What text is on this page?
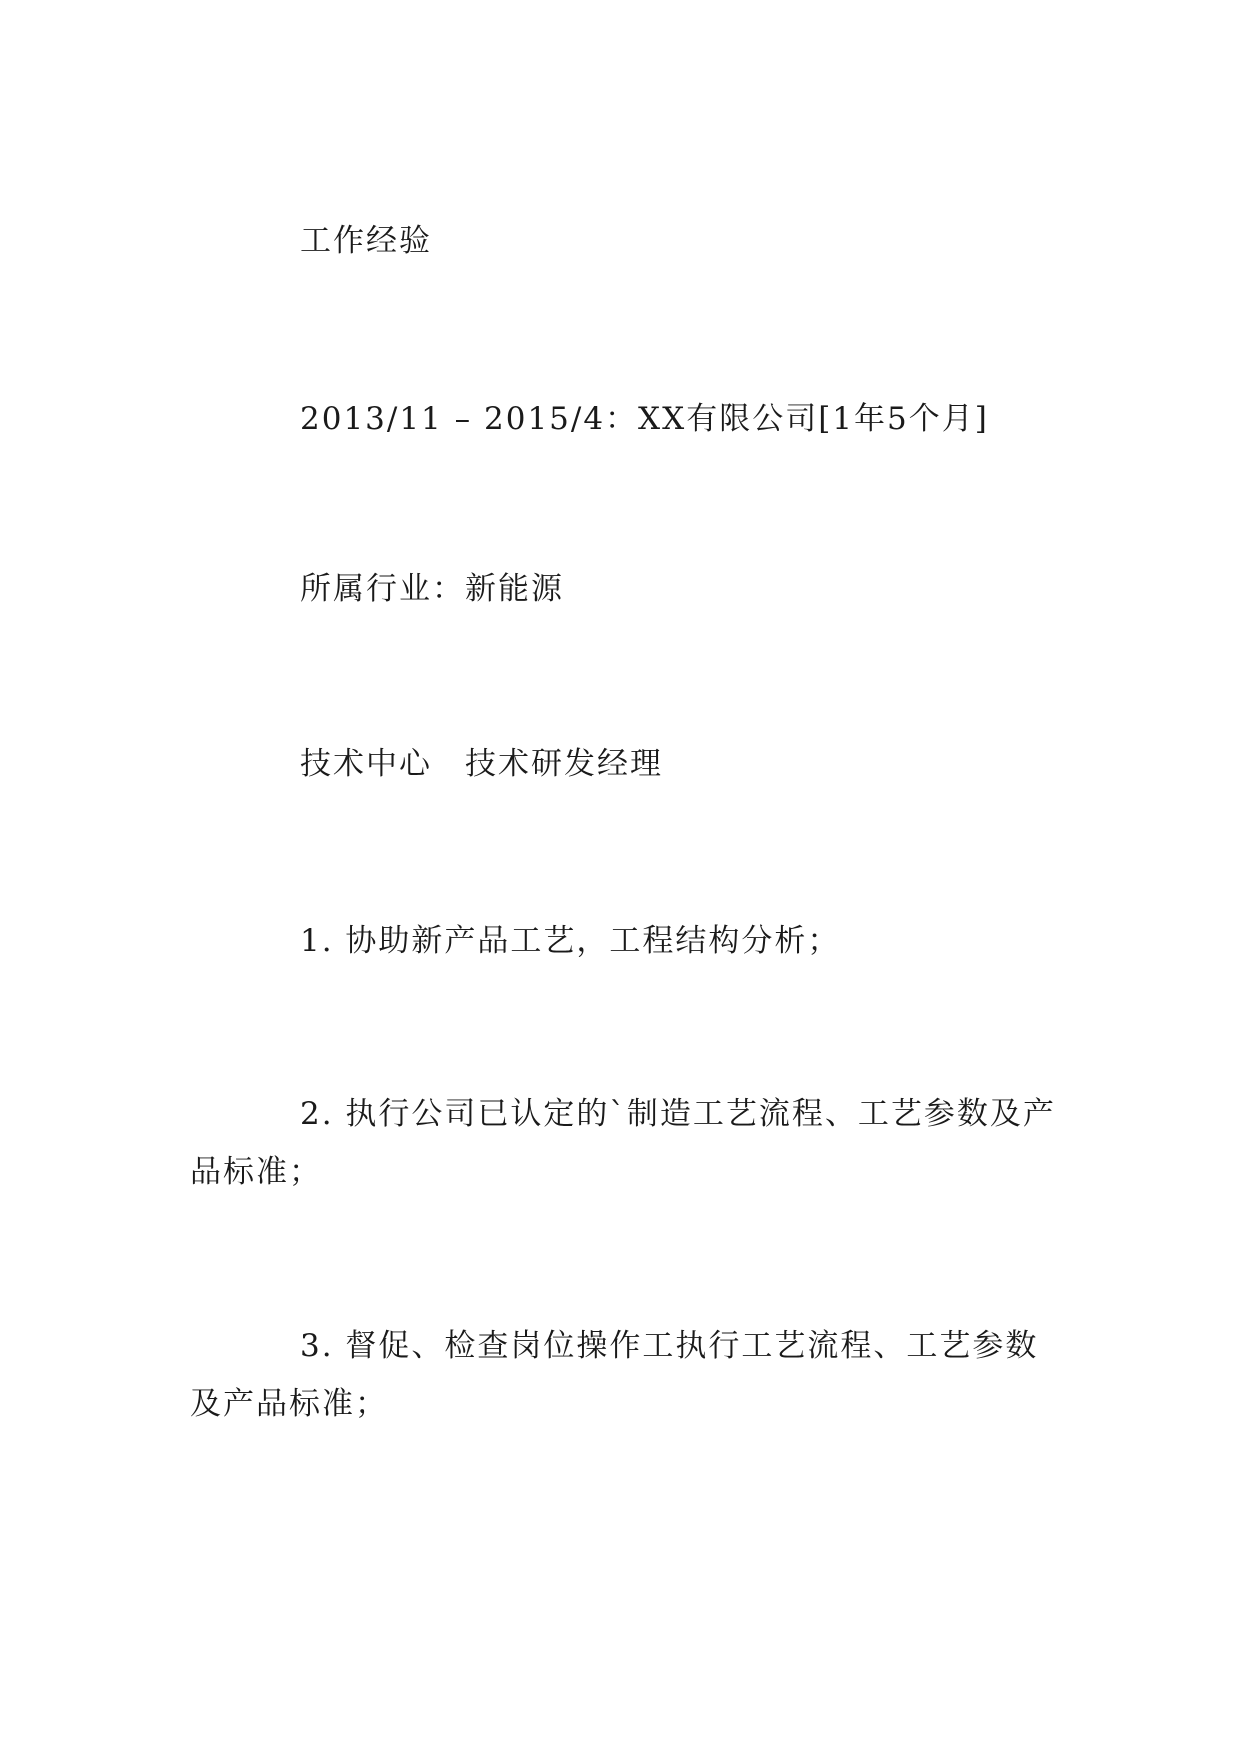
工作经验

2013/11 – 2015/4：XX有限公司[1年5个月]

所属行业：新能源

技术中心　技术研发经理

1. 协助新产品工艺，工程结构分析；

2. 执行公司已认定的`制造工艺流程、工艺参数及产品标准；

3. 督促、检查岗位操作工执行工艺流程、工艺参数及产品标准；
